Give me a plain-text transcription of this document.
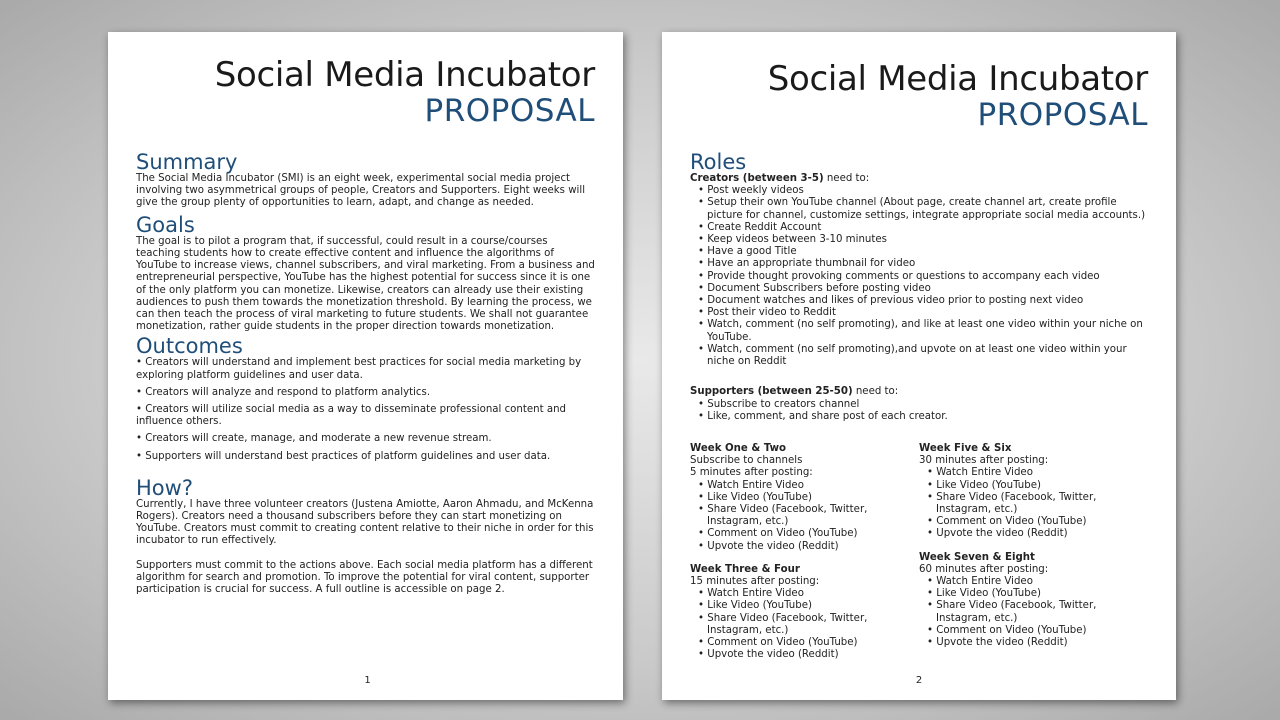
Social Media Incubator
PROPOSAL
Summary

The Social Media Incubator (SMI) is an eight week, experimental social media project involving two asymmetrical groups of people, Creators and Supporters. Eight weeks will give the group plenty of opportunities to learn, adapt, and change as needed.

Goals

The goal is to pilot a program that, if successful, could result in a course/courses teaching students how to create effective content and influence the algorithms of YouTube to increase views, channel subscribers, and viral marketing. From a business and entrepreneurial perspective, YouTube has the highest potential for success since it is one of the only platform you can monetize. Likewise, creators can already use their existing audiences to push them towards the monetization threshold. By learning the process, we can then teach the process of viral marketing to future students. We shall not guarantee monetization, rather guide students in the proper direction towards monetization.

Outcomes

• Creators will understand and implement best practices for social media marketing by exploring platform guidelines and user data.

• Creators will analyze and respond to platform analytics.

• Creators will utilize social media as a way to disseminate professional content and influence others.

• Creators will create, manage, and moderate a new revenue stream.

• Supporters will understand best practices of platform guidelines and user data.

How?

Currently, I have three volunteer creators (Justena Amiotte, Aaron Ahmadu, and McKenna Rogers). Creators need a thousand subscribers before they can start monetizing on YouTube. Creators must commit to creating content relative to their niche in order for this incubator to run effectively.

Supporters must commit to the actions above. Each social media platform has a different algorithm for search and promotion. To improve the potential for viral content, supporter participation is crucial for success. A full outline is accessible on page 2.

1
Social Media Incubator
PROPOSAL
Roles
Creators (between 3-5) need to:
• Post weekly videos
• Setup their own YouTube channel (About page, create channel art, create profile picture for channel, customize settings, integrate appropriate social media accounts.)
• Create Reddit Account
• Keep videos between 3-10 minutes
• Have a good Title
• Have an appropriate thumbnail for video
• Provide thought provoking comments or questions to accompany each video
• Document Subscribers before posting video
• Document watches and likes of previous video prior to posting next video
• Post their video to Reddit
• Watch, comment (no self promoting), and like at least one video within your niche on YouTube.
• Watch, comment (no self promoting),and upvote on at least one video within your niche on Reddit
Supporters (between 25-50) need to:
• Subscribe to creators channel
• Like, comment, and share post of each creator.
Week One & Two
Subscribe to channels
5 minutes after posting:
• Watch Entire Video
• Like Video (YouTube)
• Share Video (Facebook, Twitter, Instagram, etc.)
• Comment on Video (YouTube)
• Upvote the video (Reddit)
Week Three & Four
15 minutes after posting:
• Watch Entire Video
• Like Video (YouTube)
• Share Video (Facebook, Twitter, Instagram, etc.)
• Comment on Video (YouTube)
• Upvote the video (Reddit)
Week Five & Six
30 minutes after posting:
• Watch Entire Video
• Like Video (YouTube)
• Share Video (Facebook, Twitter, Instagram, etc.)
• Comment on Video (YouTube)
• Upvote the video (Reddit)
Week Seven & Eight
60 minutes after posting:
• Watch Entire Video
• Like Video (YouTube)
• Share Video (Facebook, Twitter, Instagram, etc.)
• Comment on Video (YouTube)
• Upvote the video (Reddit)
2
